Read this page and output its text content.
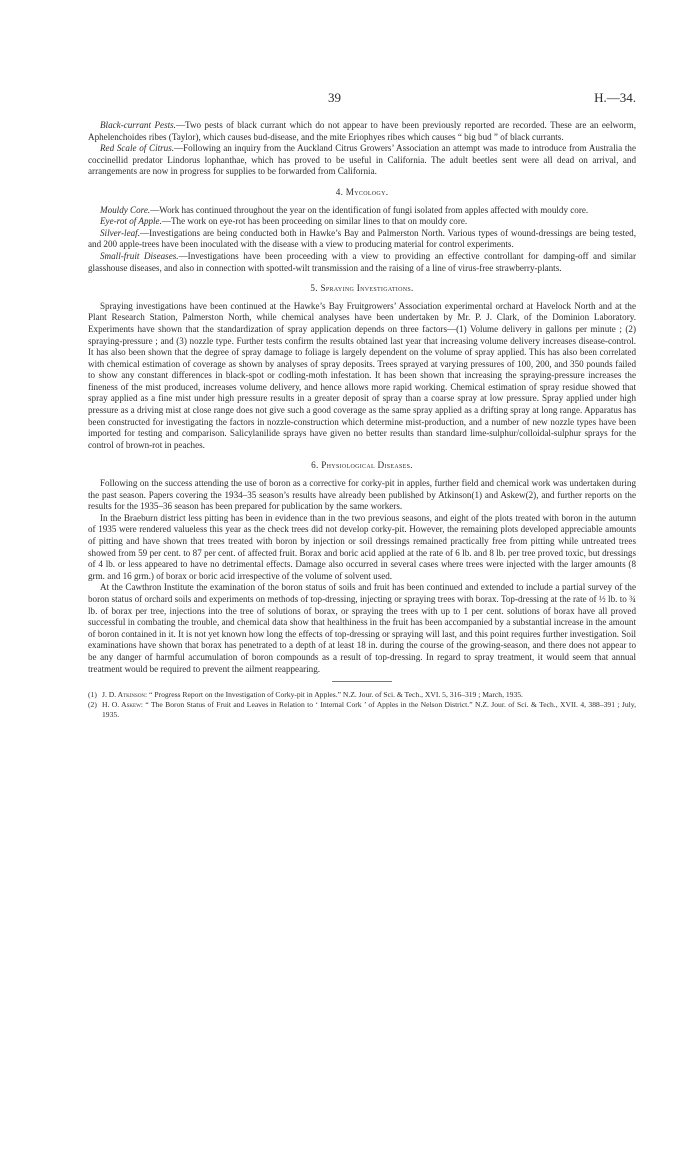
39	H.—34.

Black-currant Pests.—Two pests of black currant which do not appear to have been previously reported are recorded. These are an eelworm, Aphelenchoides ribes (Taylor), which causes bud-disease, and the mite Eriophyes ribes which causes “ big bud ” of black currants.

Red Scale of Citrus.—Following an inquiry from the Auckland Citrus Growers’ Association an attempt was made to introduce from Australia the coccinellid predator Lindorus lophanthae, which has proved to be useful in California. The adult beetles sent were all dead on arrival, and arrangements are now in progress for supplies to be forwarded from California.

4. Mycology.

Mouldy Core.—Work has continued throughout the year on the identification of fungi isolated from apples affected with mouldy core.

Eye-rot of Apple.—The work on eye-rot has been proceeding on similar lines to that on mouldy core.

Silver-leaf.—Investigations are being conducted both in Hawke’s Bay and Palmerston North. Various types of wound-dressings are being tested, and 200 apple-trees have been inoculated with the disease with a view to producing material for control experiments.

Small-fruit Diseases.—Investigations have been proceeding with a view to providing an effective controllant for damping-off and similar glasshouse diseases, and also in connection with spotted-wilt transmission and the raising of a line of virus-free strawberry-plants.

5. Spraying Investigations.

Spraying investigations have been continued at the Hawke’s Bay Fruitgrowers’ Association experimental orchard at Havelock North and at the Plant Research Station, Palmerston North, while chemical analyses have been undertaken by Mr. P. J. Clark, of the Dominion Laboratory. Experiments have shown that the standardization of spray application depends on three factors—(1) Volume delivery in gallons per minute ; (2) spraying-pressure ; and (3) nozzle type. Further tests confirm the results obtained last year that increasing volume delivery increases disease-control. It has also been shown that the degree of spray damage to foliage is largely dependent on the volume of spray applied. This has also been correlated with chemical estimation of coverage as shown by analyses of spray deposits. Trees sprayed at varying pressures of 100, 200, and 350 pounds failed to show any constant differences in black-spot or codling-moth infestation. It has been shown that increasing the spraying-pressure increases the fineness of the mist produced, increases volume delivery, and hence allows more rapid working. Chemical estimation of spray residue showed that spray applied as a fine mist under high pressure results in a greater deposit of spray than a coarse spray at low pressure. Spray applied under high pressure as a driving mist at close range does not give such a good coverage as the same spray applied as a drifting spray at long range. Apparatus has been constructed for investigating the factors in nozzle-construction which determine mist-production, and a number of new nozzle types have been imported for testing and comparison. Salicylanilide sprays have given no better results than standard lime-sulphur/colloidal-sulphur sprays for the control of brown-rot in peaches.

6. Physiological Diseases.

Following on the success attending the use of boron as a corrective for corky-pit in apples, further field and chemical work was undertaken during the past season. Papers covering the 1934–35 season’s results have already been published by Atkinson(1) and Askew(2), and further reports on the results for the 1935–36 season has been prepared for publication by the same workers.

In the Braeburn district less pitting has been in evidence than in the two previous seasons, and eight of the plots treated with boron in the autumn of 1935 were rendered valueless this year as the check trees did not develop corky-pit. However, the remaining plots developed appreciable amounts of pitting and have shown that trees treated with boron by injection or soil dressings remained practically free from pitting while untreated trees showed from 59 per cent. to 87 per cent. of affected fruit. Borax and boric acid applied at the rate of 6 lb. and 8 lb. per tree proved toxic, but dressings of 4 lb. or less appeared to have no detrimental effects. Damage also occurred in several cases where trees were injected with the larger amounts (8 grm. and 16 grm.) of borax or boric acid irrespective of the volume of solvent used.

At the Cawthron Institute the examination of the boron status of soils and fruit has been continued and extended to include a partial survey of the boron status of orchard soils and experiments on methods of top-dressing, injecting or spraying trees with borax. Top-dressing at the rate of ½ lb. to ¾ lb. of borax per tree, injections into the tree of solutions of borax, or spraying the trees with up to 1 per cent. solutions of borax have all proved successful in combating the trouble, and chemical data show that healthiness in the fruit has been accompanied by a substantial increase in the amount of boron contained in it. It is not yet known how long the effects of top-dressing or spraying will last, and this point requires further investigation. Soil examinations have shown that borax has penetrated to a depth of at least 18 in. during the course of the growing-season, and there does not appear to be any danger of harmful accumulation of boron compounds as a result of top-dressing. In regard to spray treatment, it would seem that annual treatment would be required to prevent the ailment reappearing.

(1) J. D. Atkinson: “ Progress Report on the Investigation of Corky-pit in Apples.” N.Z. Jour. of Sci. & Tech., XVI. 5, 316–319 ; March, 1935.

(2) H. O. Askew: “ The Boron Status of Fruit and Leaves in Relation to ‘ Internal Cork ’ of Apples in the Nelson District.” N.Z. Jour. of Sci. & Tech., XVII. 4, 388–391 ; July, 1935.
